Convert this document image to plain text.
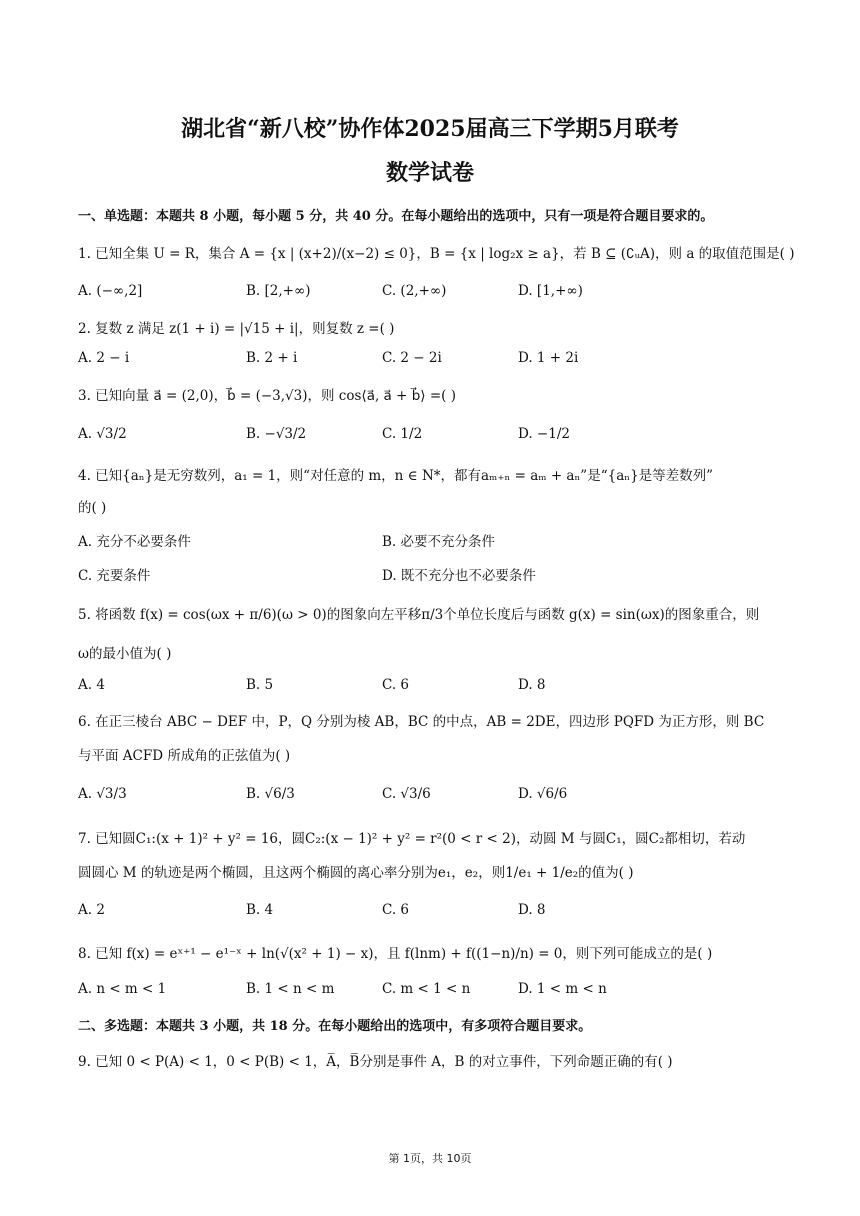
湖北省“新八校”协作体2025届高三下学期5月联考
数学试卷
一、单选题：本题共 8 小题，每小题 5 分，共 40 分。在每小题给出的选项中，只有一项是符合题目要求的。
1. 已知全集 U = R，集合 A = {x | (x+2)/(x−2) ≤ 0}，B = {x | log₂x ≥ a}，若 B ⊆ (∁ᵤA)，则 a 的取值范围是( )
A. (−∞,2]	B. [2,+∞)	C. (2,+∞)	D. [1,+∞)
2. 复数 z 满足 z(1 + i) = |√15 + i|，则复数 z =( )
A. 2 − i	B. 2 + i	C. 2 − 2i	D. 1 + 2i
3. 已知向量 a⃗ = (2,0)，b⃗ = (−3,√3)，则 cos⟨a⃗, a⃗ + b⃗⟩ =( )
A. √3/2	B. −√3/2	C. 1/2	D. −1/2
4. 已知{aₙ}是无穷数列，a₁ = 1，则“对任意的 m，n ∈ N*，都有aₘ₊ₙ = aₘ + aₙ”是“{aₙ}是等差数列”
的( )
A. 充分不必要条件	B. 必要不充分条件
C. 充要条件	D. 既不充分也不必要条件
5. 将函数 f(x) = cos(ωx + π/6)(ω > 0)的图象向左平移π/3个单位长度后与函数 g(x) = sin(ωx)的图象重合，则
ω的最小值为( )
A. 4	B. 5	C. 6	D. 8
6. 在正三棱台 ABC − DEF 中，P，Q 分别为棱 AB，BC 的中点，AB = 2DE，四边形 PQFD 为正方形，则 BC
与平面 ACFD 所成角的正弦值为( )
A. √3/3	B. √6/3	C. √3/6	D. √6/6
7. 已知圆C₁:(x + 1)² + y² = 16，圆C₂:(x − 1)² + y² = r²(0 < r < 2)，动圆 M 与圆C₁，圆C₂都相切，若动
圆圆心 M 的轨迹是两个椭圆，且这两个椭圆的离心率分别为e₁，e₂，则1/e₁ + 1/e₂的值为( )
A. 2	B. 4	C. 6	D. 8
8. 已知 f(x) = eˣ⁺¹ − e¹⁻ˣ + ln(√(x² + 1) − x)，且 f(lnm) + f((1−n)/n) = 0，则下列可能成立的是( )
A. n < m < 1	B. 1 < n < m	C. m < 1 < n	D. 1 < m < n
二、多选题：本题共 3 小题，共 18 分。在每小题给出的选项中，有多项符合题目要求。
9. 已知 0 < P(A) < 1，0 < P(B) < 1，A̅，B̅分别是事件 A，B 的对立事件，下列命题正确的有( )
第 1页，共 10页
